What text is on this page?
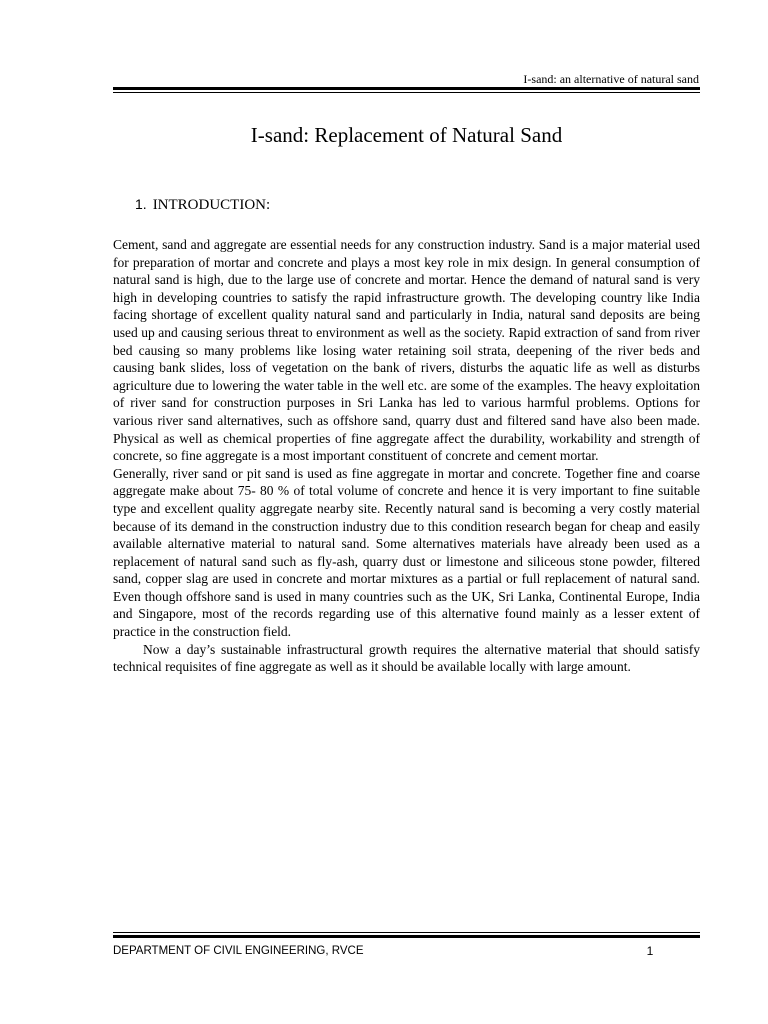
I-sand: an alternative of natural sand
I-sand: Replacement of Natural Sand
1. INTRODUCTION:

Cement, sand and aggregate are essential needs for any construction industry. Sand is a major material used for preparation of mortar and concrete and plays a most key role in mix design. In general consumption of natural sand is high, due to the large use of concrete and mortar. Hence the demand of natural sand is very high in developing countries to satisfy the rapid infrastructure growth. The developing country like India facing shortage of excellent quality natural sand and particularly in India, natural sand deposits are being used up and causing serious threat to environment as well as the society. Rapid extraction of sand from river bed causing so many problems like losing water retaining soil strata, deepening of the river beds and causing bank slides, loss of vegetation on the bank of rivers, disturbs the aquatic life as well as disturbs agriculture due to lowering the water table in the well etc. are some of the examples. The heavy exploitation of river sand for construction purposes in Sri Lanka has led to various harmful problems. Options for various river sand alternatives, such as offshore sand, quarry dust and filtered sand have also been made. Physical as well as chemical properties of fine aggregate affect the durability, workability and strength of concrete, so fine aggregate is a most important constituent of concrete and cement mortar.

Generally, river sand or pit sand is used as fine aggregate in mortar and concrete. Together fine and coarse aggregate make about 75- 80 % of total volume of concrete and hence it is very important to fine suitable type and excellent quality aggregate nearby site. Recently natural sand is becoming a very costly material because of its demand in the construction industry due to this condition research began for cheap and easily available alternative material to natural sand. Some alternatives materials have already been used as a replacement of natural sand such as fly-ash, quarry dust or limestone and siliceous stone powder, filtered sand, copper slag are used in concrete and mortar mixtures as a partial or full replacement of natural sand. Even though offshore sand is used in many countries such as the UK, Sri Lanka, Continental Europe, India and Singapore, most of the records regarding use of this alternative found mainly as a lesser extent of practice in the construction field.

Now a day’s sustainable infrastructural growth requires the alternative material that should satisfy technical requisites of fine aggregate as well as it should be available locally with large amount.

DEPARTMENT OF CIVIL ENGINEERING, RVCE	1
